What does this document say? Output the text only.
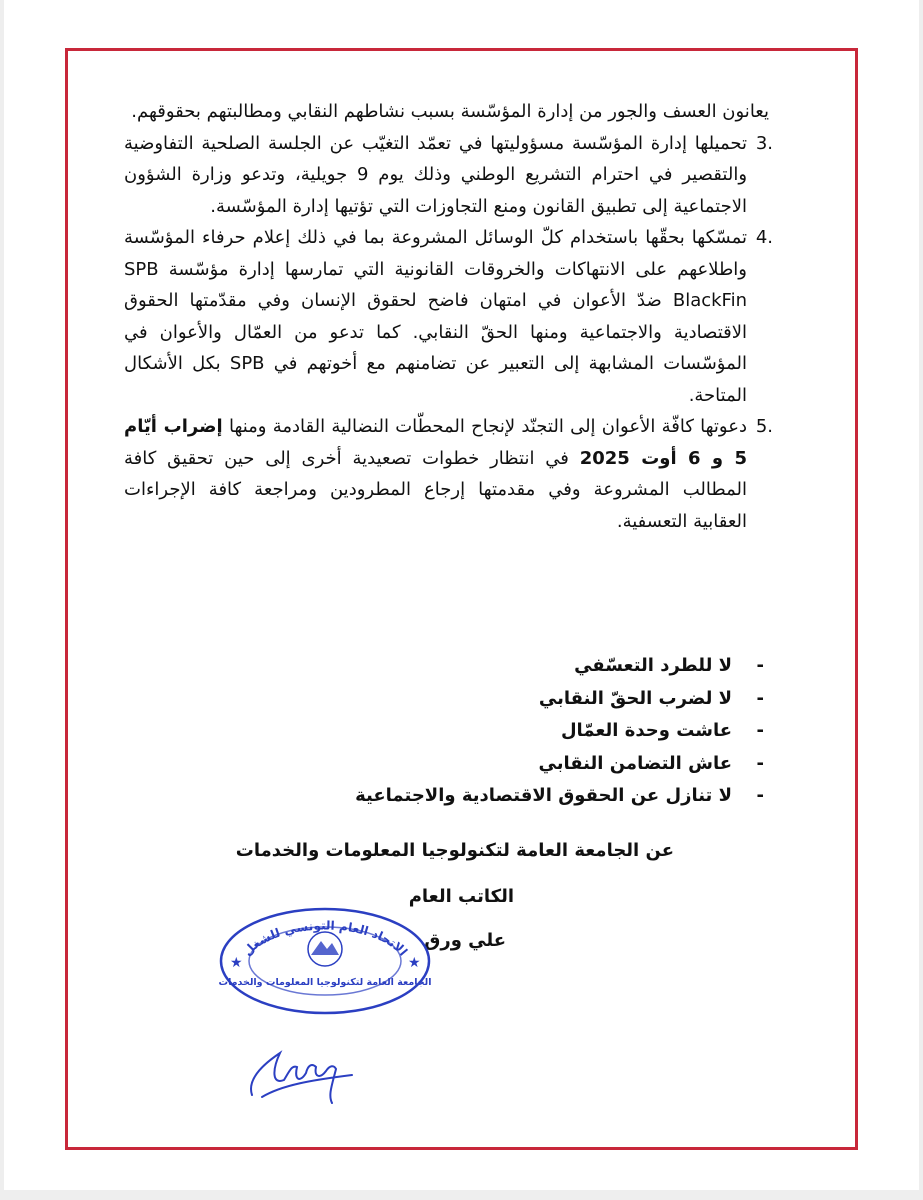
يعانون العسف والجور من إدارة المؤسّسة بسبب نشاطهم النقابي ومطالبتهم بحقوقهم.

3.
تحميلها إدارة المؤسّسة مسؤوليتها في تعمّد التغيّب عن الجلسة الصلحية التفاوضية والتقصير في احترام التشريع الوطني وذلك يوم 9 جويلية، وتدعو وزارة الشؤون الاجتماعية إلى تطبيق القانون ومنع التجاوزات التي تؤتيها إدارة المؤسّسة.
4.
تمسّكها بحقّها باستخدام كلّ الوسائل المشروعة بما في ذلك إعلام حرفاء المؤسّسة واطلاعهم على الانتهاكات والخروقات القانونية التي تمارسها إدارة مؤسّسة SPB BlackFin ضدّ الأعوان في امتهان فاضح لحقوق الإنسان وفي مقدّمتها الحقوق الاقتصادية والاجتماعية ومنها الحقّ النقابي. كما تدعو من العمّال والأعوان في المؤسّسات المشابهة إلى التعبير عن تضامنهم مع أخوتهم في SPB بكل الأشكال المتاحة.
5.
دعوتها كافّة الأعوان إلى التجنّد لإنجاح المحطّات النضالية القادمة ومنها إضراب أيّام 5 و 6 أوت 2025 في انتظار خطوات تصعيدية أخرى إلى حين تحقيق كافة المطالب المشروعة وفي مقدمتها إرجاع المطرودين ومراجعة كافة الإجراءات العقابية التعسفية.
-لا للطرد التعسّفي
-لا لضرب الحقّ النقابي
-عاشت وحدة العمّال
-عاش التضامن النقابي
-لا تنازل عن الحقوق الاقتصادية والاجتماعية
عن الجامعة العامة لتكنولوجيا المعلومات والخدمات
الكاتب العام
علي ورق
الاتحاد العام التونسي للشغل
★	★
الجامعة العامة لتكنولوجيا المعلومات والخدمات
